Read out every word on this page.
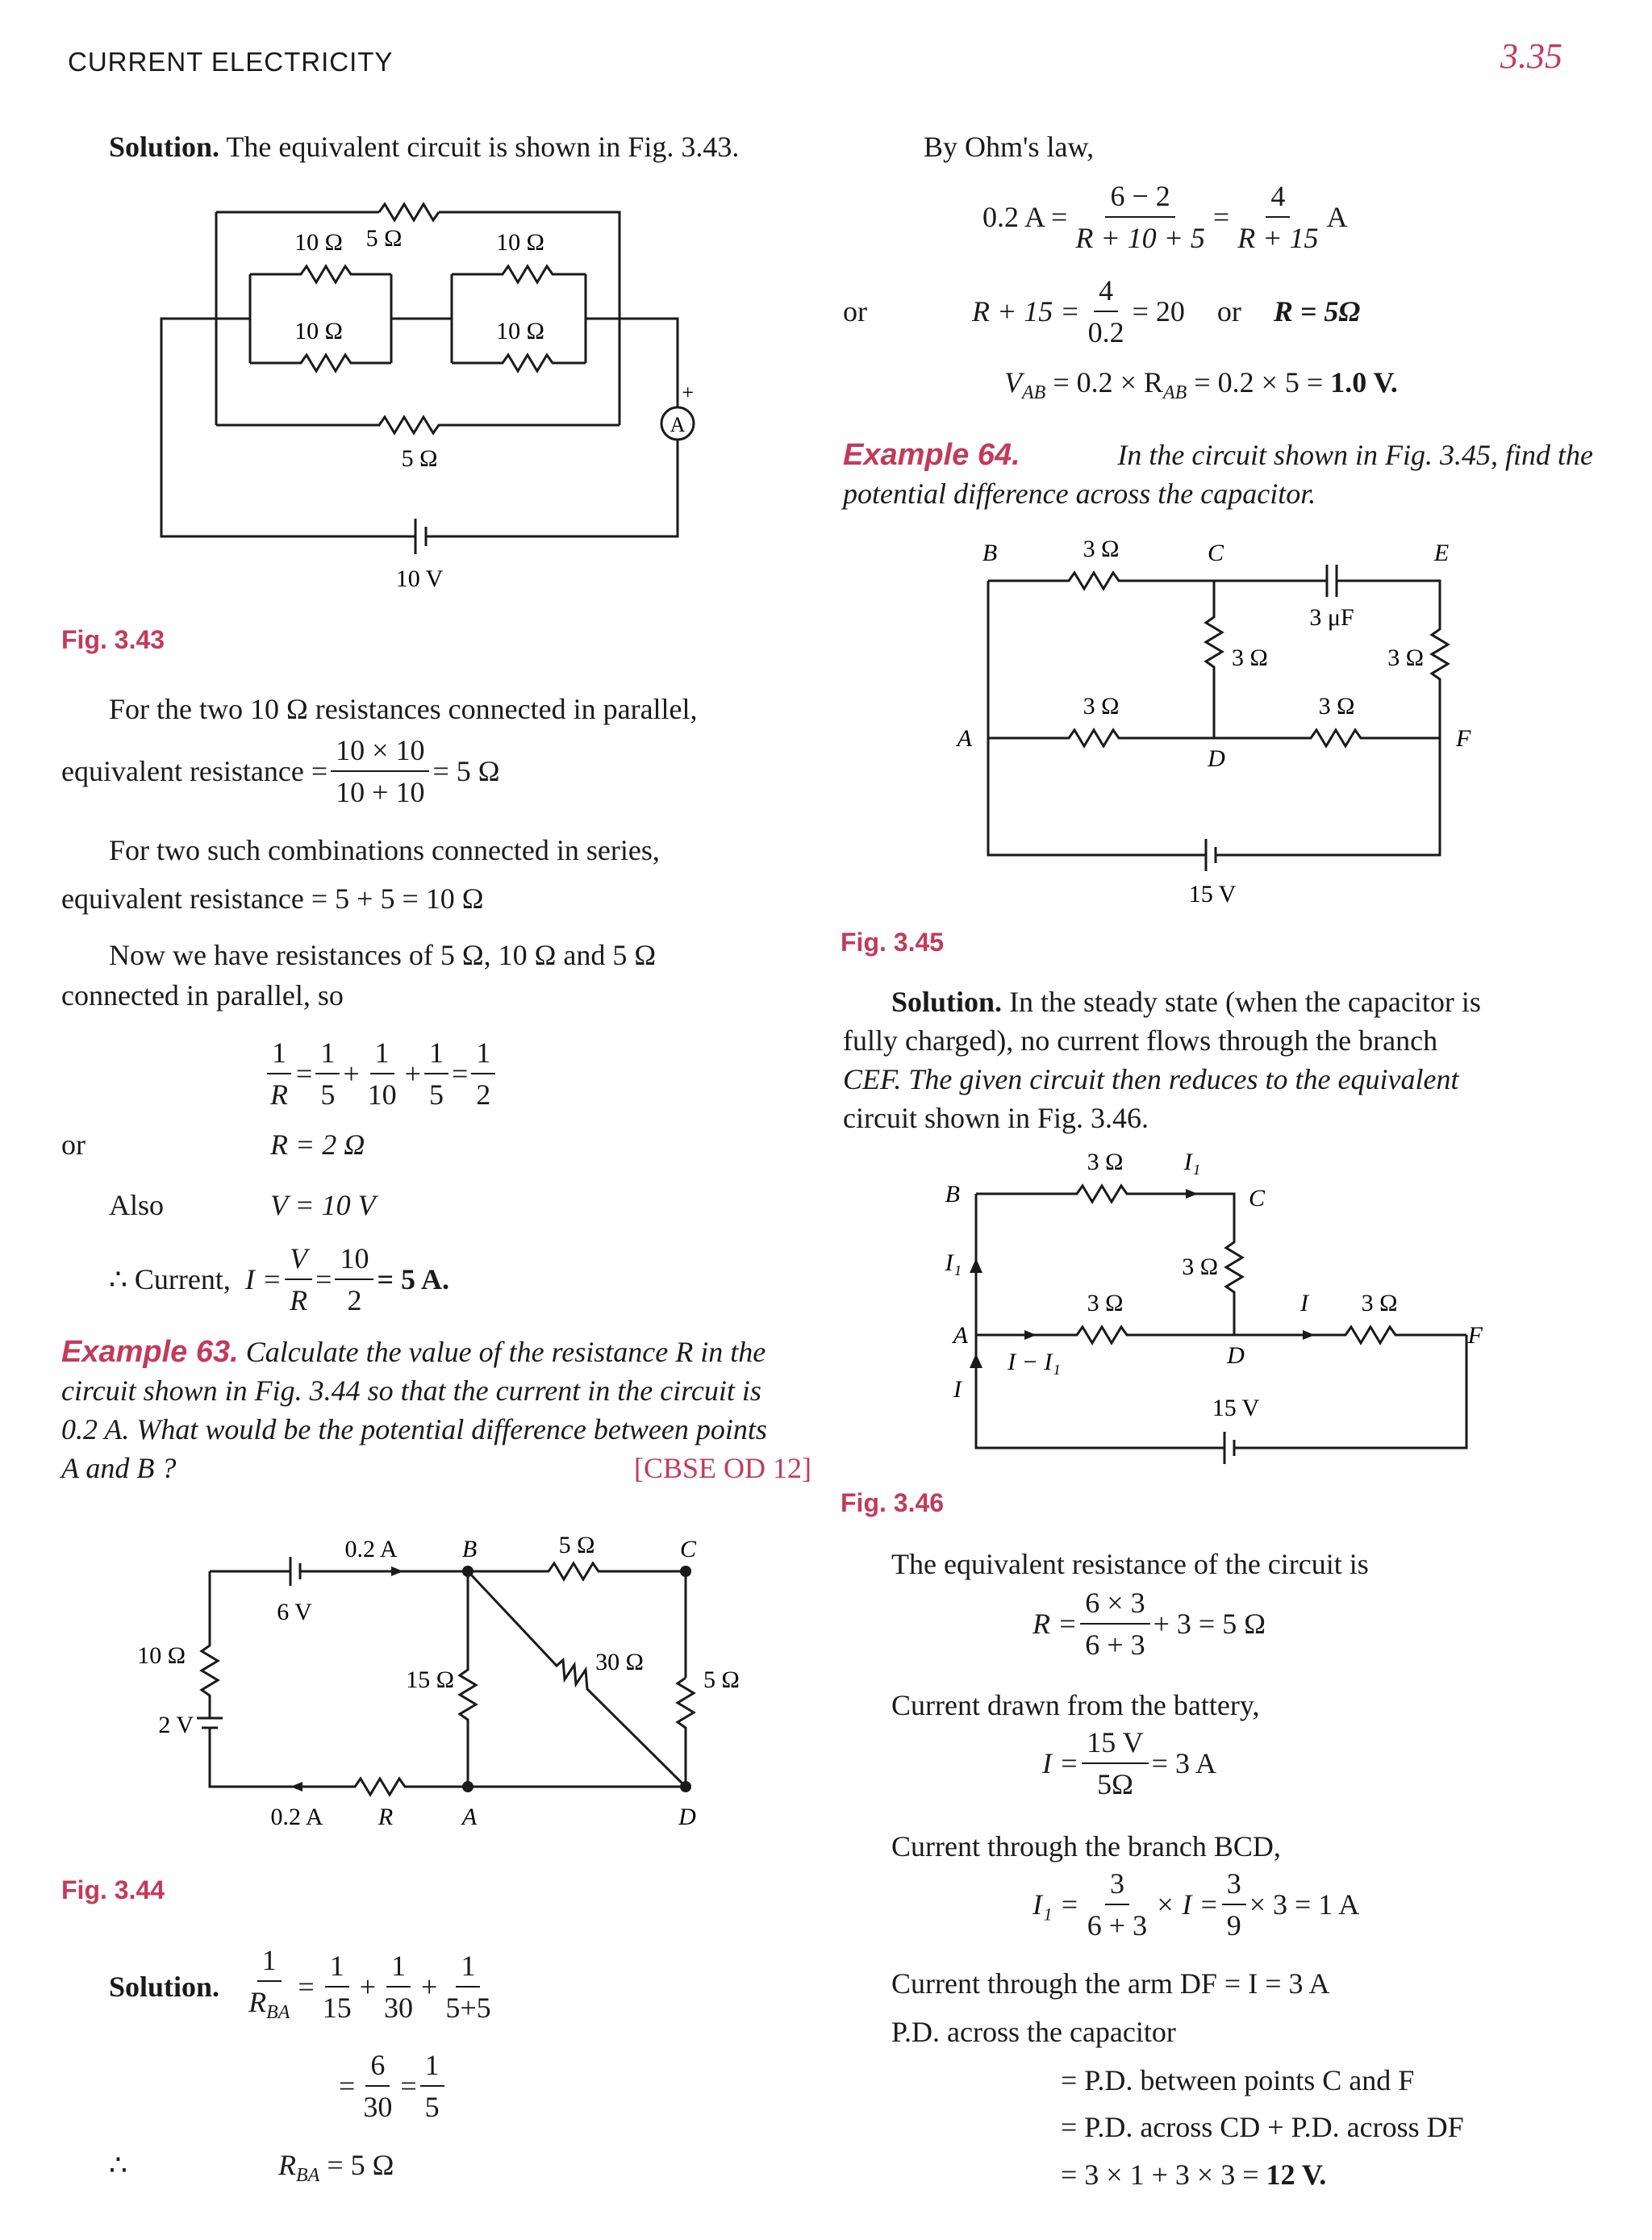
CURRENT ELECTRICITY	3.35
Solution. The equivalent circuit is shown in Fig. 3.43.
5 Ω
10 Ω	10 Ω
10 Ω	10 Ω
5 Ω
A
+
10 V
Fig. 3.43
For the two 10 Ω resistances connected in parallel,
equivalent resistance = $\frac{10 \times 10}{10 + 10} = 5$ Ω
For two such combinations connected in series,
equivalent resistance = 5 + 5 = 10 Ω
Now we have resistances of 5 Ω, 10 Ω and 5 Ω
connected in parallel, so
$\frac{1}{R} = \frac{1}{5} + \frac{1}{10} + \frac{1}{5} = \frac{1}{2}$
or	R = 2 Ω
Also	V = 10 V
∴ Current,
$I = \frac{V}{R} = \frac{10}{2} = 5$ A.
Example 63. Calculate the value of the resistance R in the
circuit shown in Fig. 3.44 so that the current in the circuit is
0.2 A. What would be the potential difference between points
A and B ?	[CBSE OD 12]
0.2 A	B	5 Ω	C
6 V
10 Ω
15 Ω
30 Ω
5 Ω
2 V
0.2 A R	A	D
Fig. 3.44
Solution. $\frac{1}{R_{BA}} = \frac{1}{15} + \frac{1}{30} + \frac{1}{5+5}$
= $\frac{6}{30} = \frac{1}{5}$
∴	$R_{BA} = 5$ Ω
By Ohm's law,
0.2 $A = \frac{6 - 2}{R + 10 + 5} = \frac{4}{R + 15}$ A
or	$R + 15 = \frac{4}{0.2} = 20$ or R = 5Ω
$V_{AB} = 0.2 \times R_{AB} = 0.2 \times 5 = 1.0$ V.
Example 64.	In the circuit shown in Fig. 3.45, find the
potential difference across the capacitor.
B	3 Ω	C
3 μF
E
3 Ω	3 Ω
A
3 Ω
D
3 Ω
F
15 V
Fig. 3.45
Solution. In the steady state (when the capacitor is
fully charged), no current flows through the branch
CEF. The given circuit then reduces to the equivalent
circuit shown in Fig. 3.46.
B
3 Ω	I₁
C
3 Ω
I₁
A
3 Ω
D
I 3 Ω
F
I
I − I₁
15 V
Fig. 3.46
The equivalent resistance of the circuit is
$R = \frac{6 \times 3}{6 + 3} + 3 = 5$ Ω
Current drawn from the battery,
$I = \frac{15 V}{5\Omega} = 3$ A
Current through the branch BCD,
$I_1 = \frac{3}{6 + 3} \times I = \frac{3}{9} \times 3 = 1$ A
Current through the arm DF = I = 3 A
P.D. across the capacitor
= P.D. between points C and F
= P.D. across CD + P.D. across DF
= 3 × 1 + 3 × 3 = 12 V.
